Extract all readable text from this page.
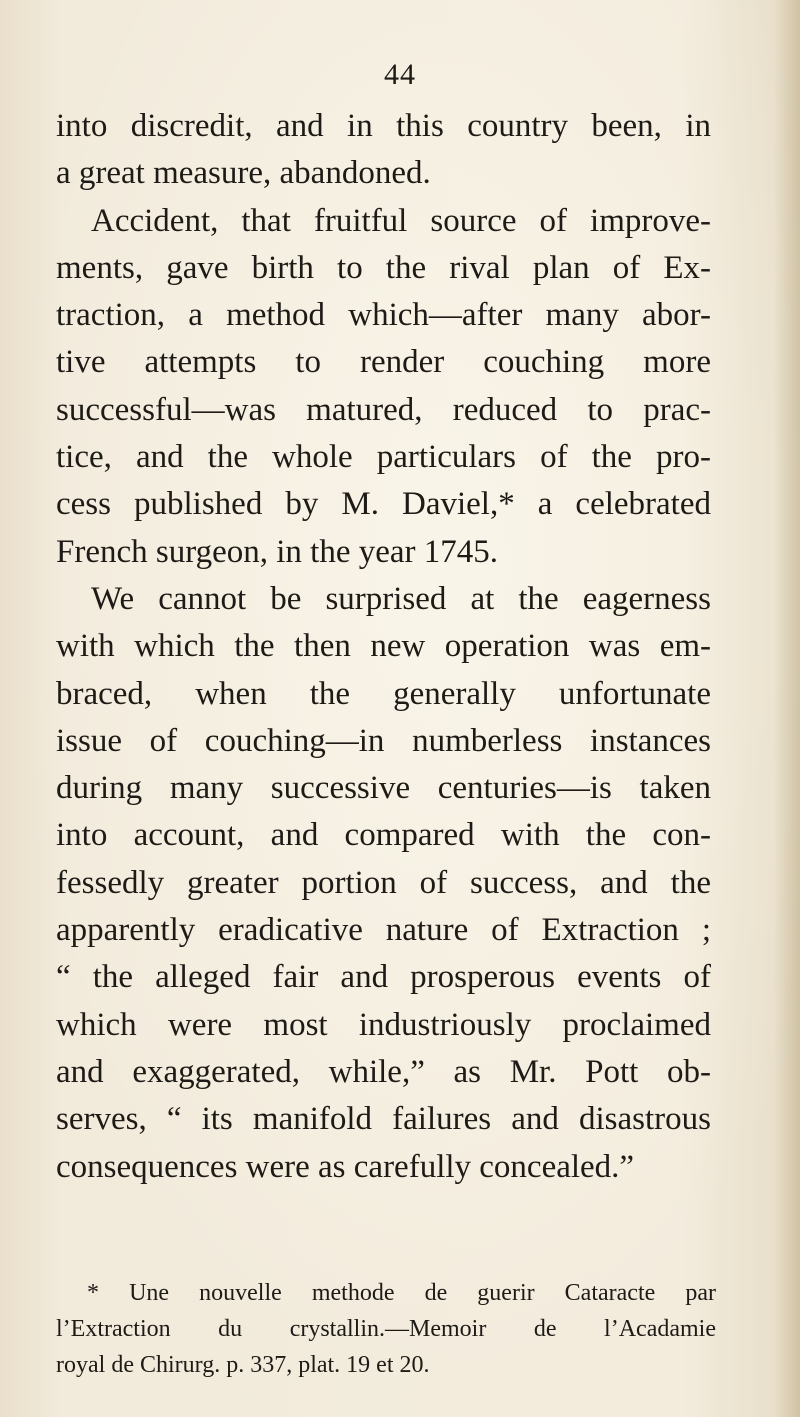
44
into discredit, and in this country been, in
a great measure, abandoned.
Accident, that fruitful source of improve-
ments, gave birth to the rival plan of Ex-
traction, a method which—after many abor-
tive attempts to render couching more
successful—was matured, reduced to prac-
tice, and the whole particulars of the pro-
cess published by M. Daviel,* a celebrated
French surgeon, in the year 1745.
We cannot be surprised at the eagerness
with which the then new operation was em-
braced, when the generally unfortunate
issue of couching—in numberless instances
during many successive centuries—is taken
into account, and compared with the con-
fessedly greater portion of success, and the
apparently eradicative nature of Extraction ;
“ the alleged fair and prosperous events of
which were most industriously proclaimed
and exaggerated, while,” as Mr. Pott ob-
serves, “ its manifold failures and disastrous
consequences were as carefully concealed.”
* Une nouvelle methode de guerir Cataracte par
l’Extraction du crystallin.—Memoir de l’Acadamie
royal de Chirurg. p. 337, plat. 19 et 20.
